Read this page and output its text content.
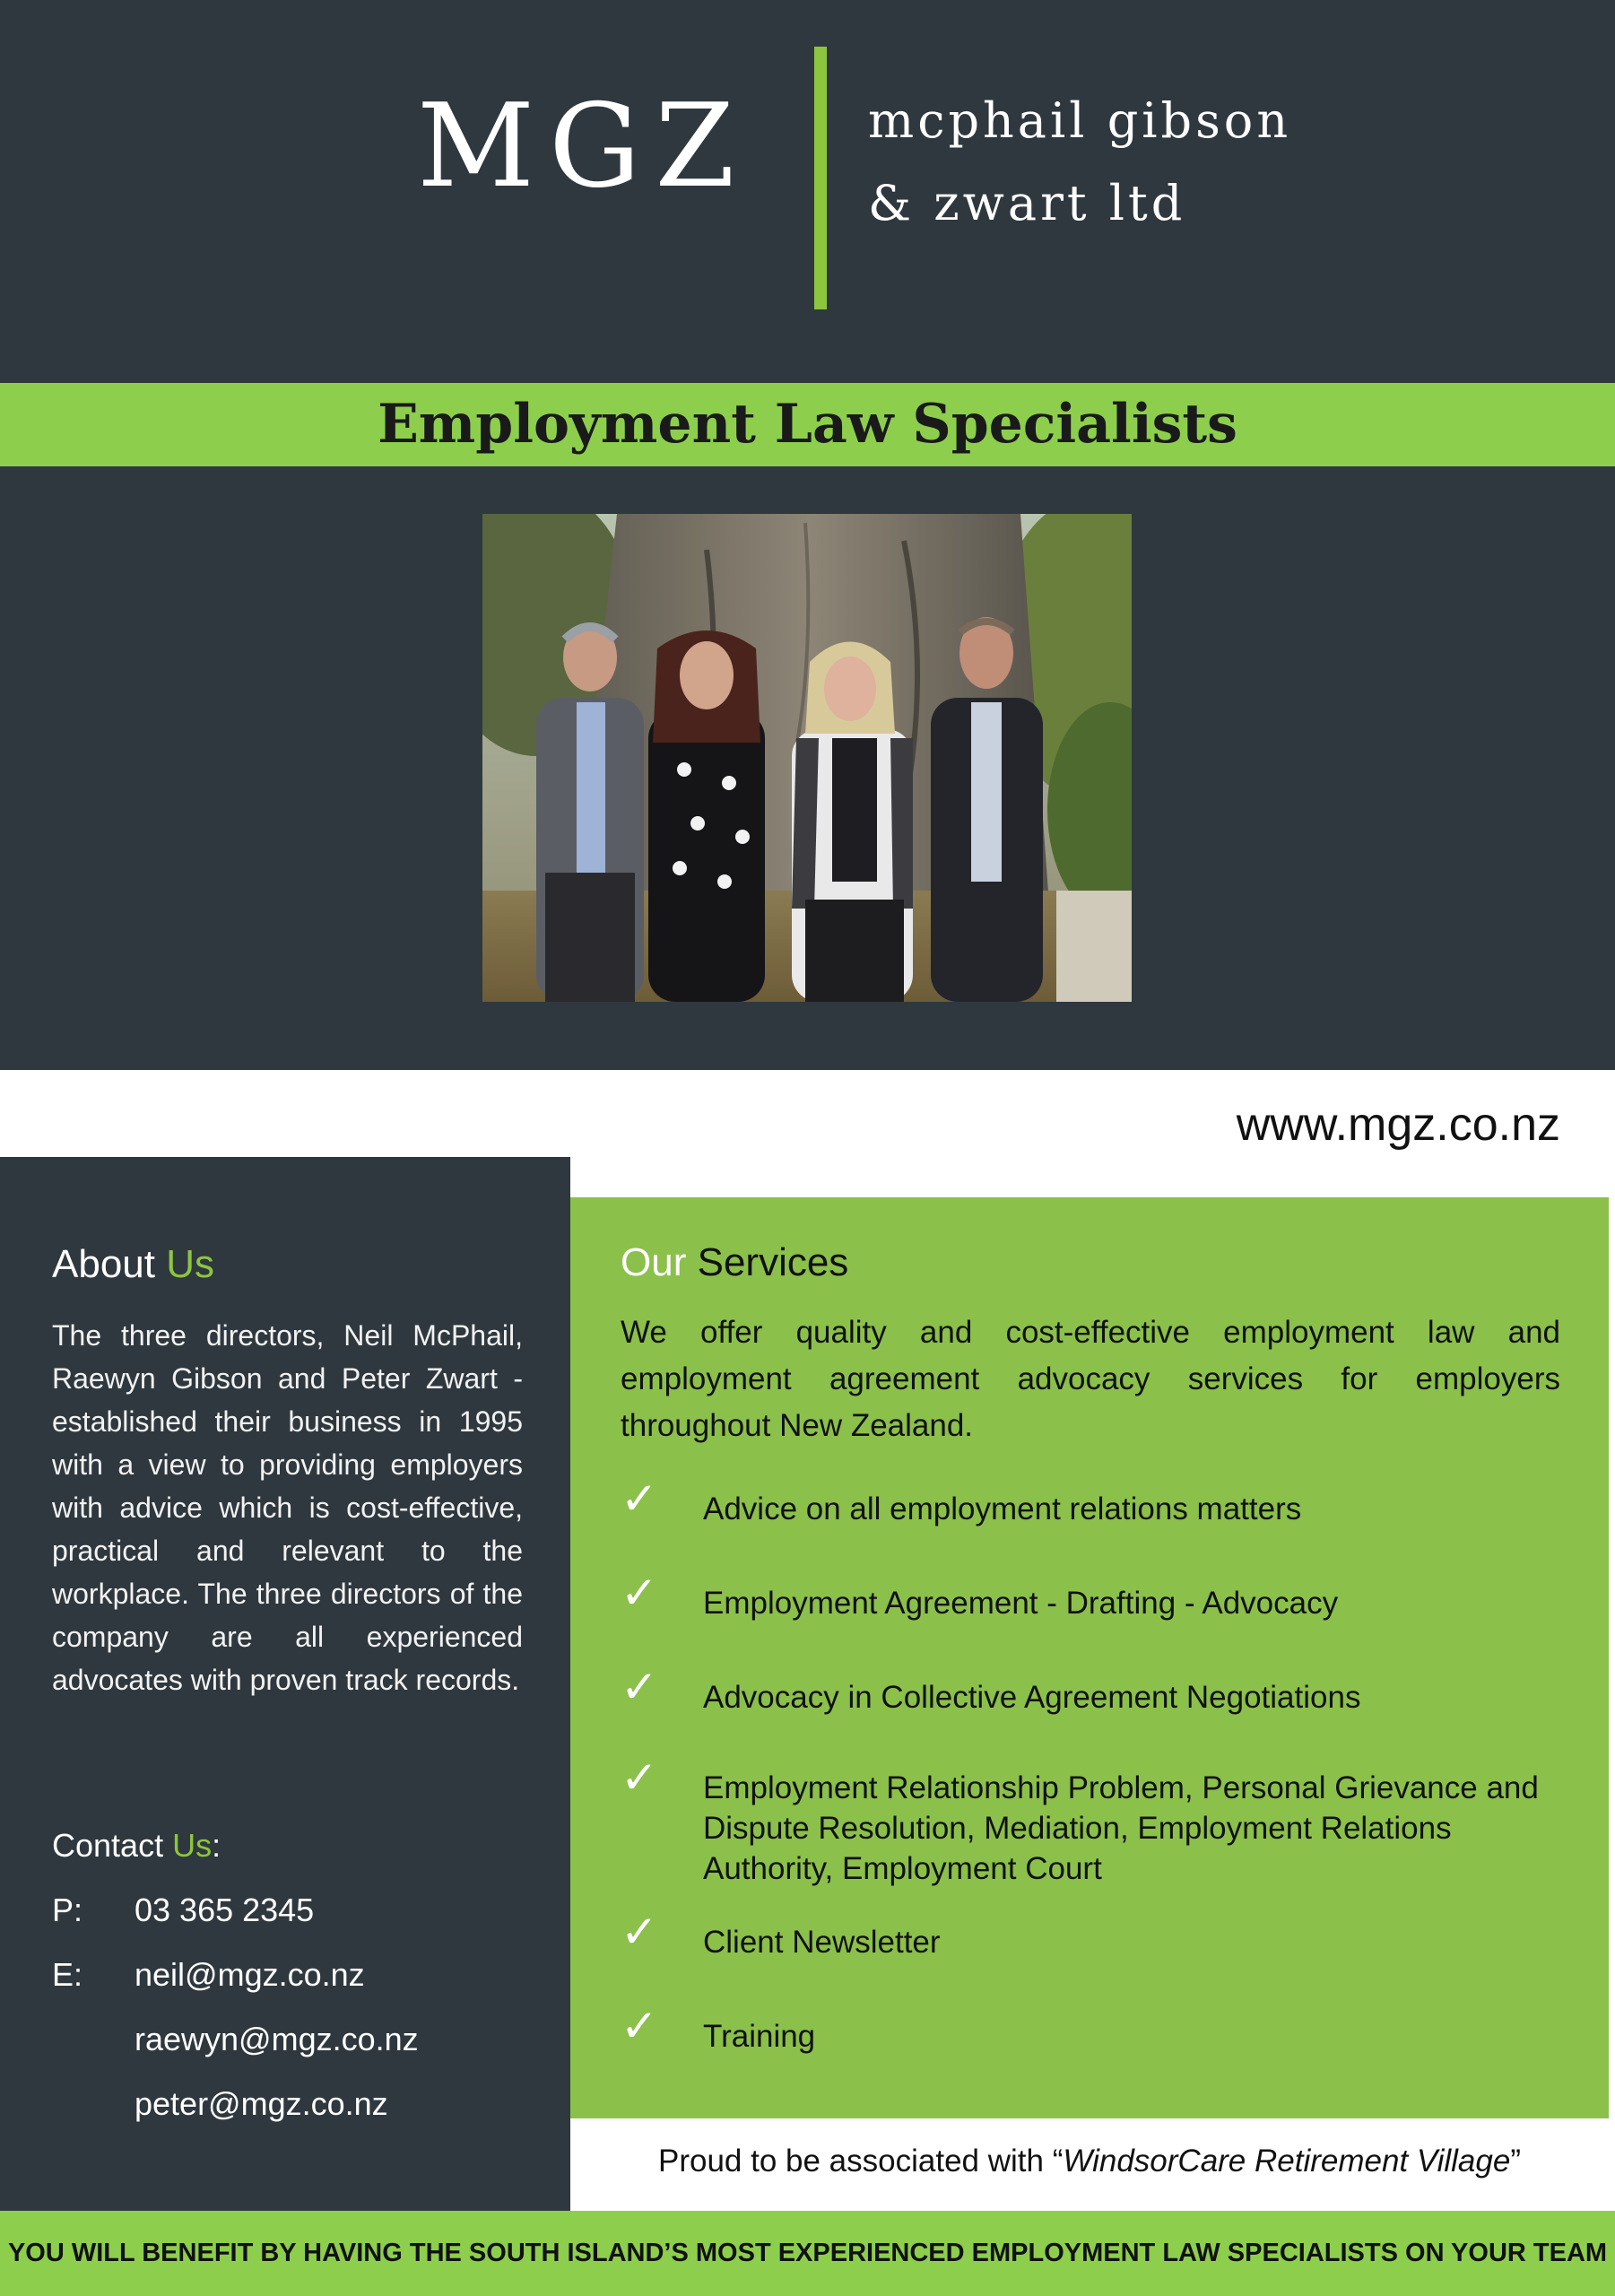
MGZ mcphail gibson
& zwart ltd
Employment Law Specialists
www.mgz.co.nz
About Us
The three directors, Neil McPhail, Raewyn Gibson and Peter Zwart - established their business in 1995 with a view to providing employers with advice which is cost-effective, practical and relevant to the workplace. The three directors of the company are all experienced advocates with proven track records.
Contact Us:
P: 03 365 2345
E: neil@mgz.co.nz
raewyn@mgz.co.nz
peter@mgz.co.nz
Our Services
We offer quality and cost-effective employment law and employment agreement advocacy services for employers throughout New Zealand.
✓ Advice on all employment relations matters
✓ Employment Agreement - Drafting - Advocacy
✓ Advocacy in Collective Agreement Negotiations
✓ Employment Relationship Problem, Personal Grievance and Dispute Resolution, Mediation, Employment Relations Authority, Employment Court
✓ Client Newsletter
✓ Training
Proud to be associated with “WindsorCare Retirement Village”
YOU WILL BENEFIT BY HAVING THE SOUTH ISLAND’S MOST EXPERIENCED EMPLOYMENT LAW SPECIALISTS ON YOUR TEAM
